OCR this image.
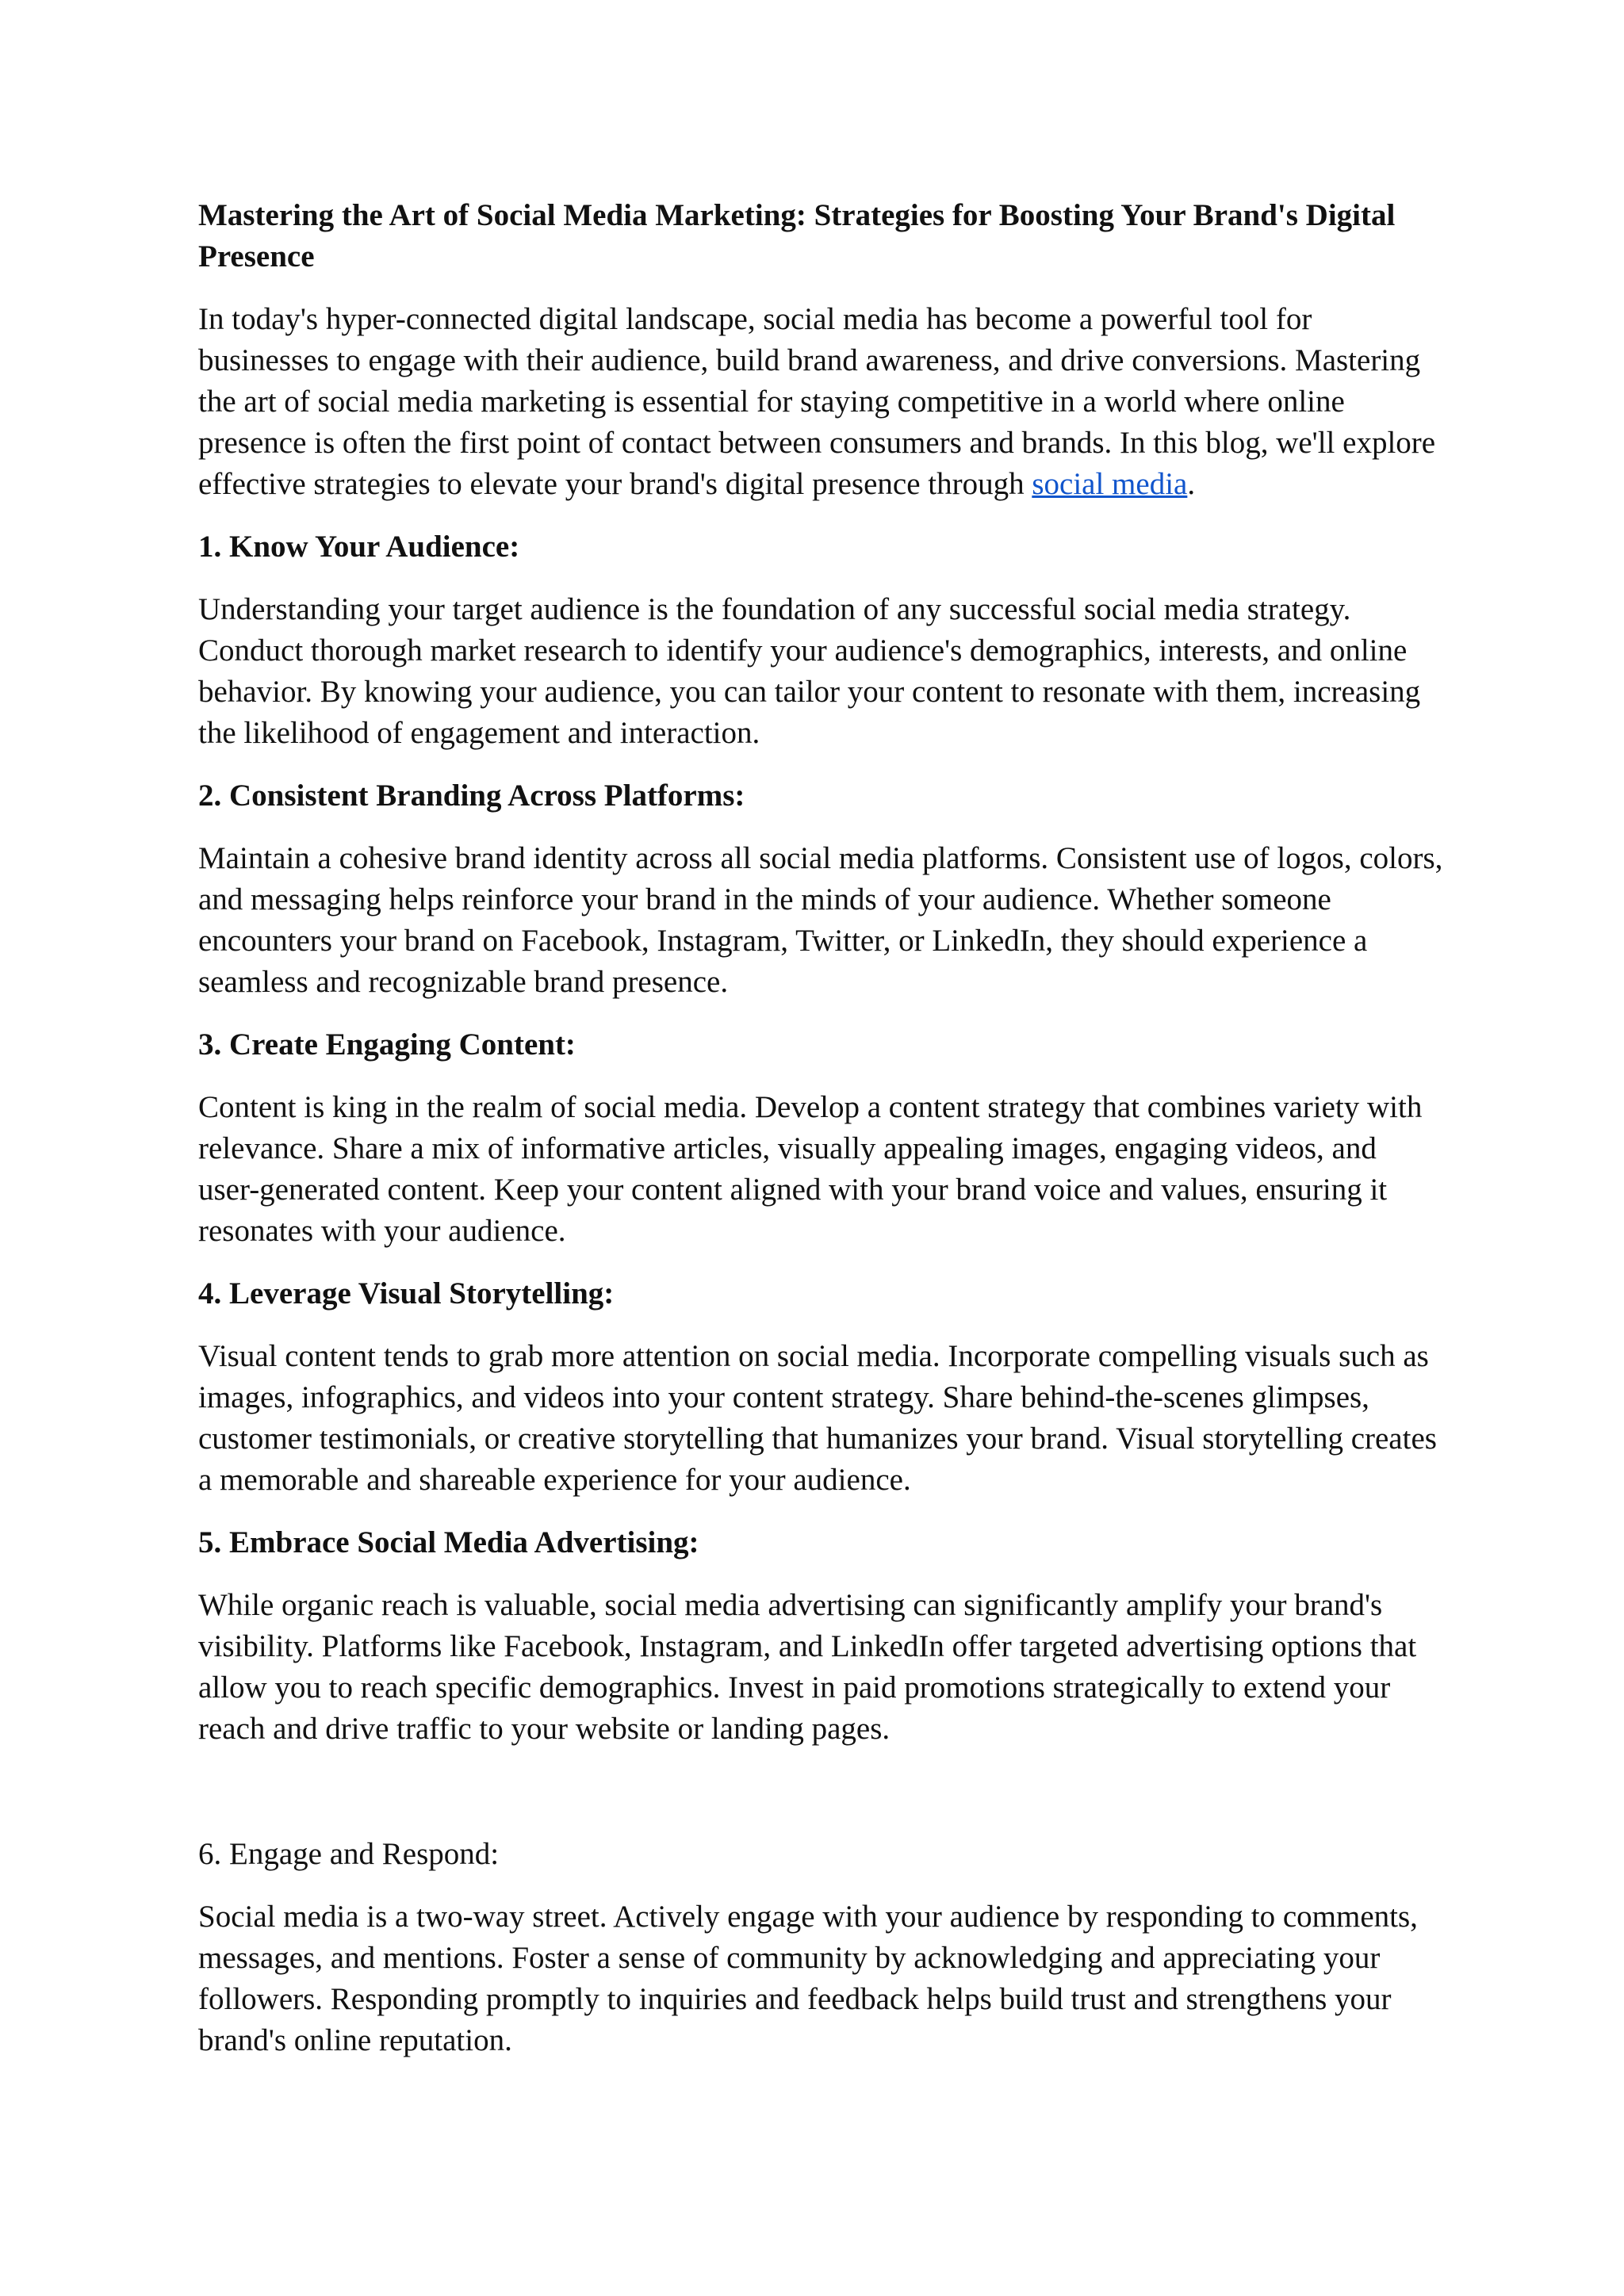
Mastering the Art of Social Media Marketing: Strategies for Boosting Your Brand's Digital Presence

In today's hyper-connected digital landscape, social media has become a powerful tool for businesses to engage with their audience, build brand awareness, and drive conversions. Mastering the art of social media marketing is essential for staying competitive in a world where online presence is often the first point of contact between consumers and brands. In this blog, we'll explore effective strategies to elevate your brand's digital presence through social media.

1. Know Your Audience:

Understanding your target audience is the foundation of any successful social media strategy. Conduct thorough market research to identify your audience's demographics, interests, and online behavior. By knowing your audience, you can tailor your content to resonate with them, increasing the likelihood of engagement and interaction.

2. Consistent Branding Across Platforms:

Maintain a cohesive brand identity across all social media platforms. Consistent use of logos, colors, and messaging helps reinforce your brand in the minds of your audience. Whether someone encounters your brand on Facebook, Instagram, Twitter, or LinkedIn, they should experience a seamless and recognizable brand presence.

3. Create Engaging Content:

Content is king in the realm of social media. Develop a content strategy that combines variety with relevance. Share a mix of informative articles, visually appealing images, engaging videos, and user-generated content. Keep your content aligned with your brand voice and values, ensuring it resonates with your audience.

4. Leverage Visual Storytelling:

Visual content tends to grab more attention on social media. Incorporate compelling visuals such as images, infographics, and videos into your content strategy. Share behind-the-scenes glimpses, customer testimonials, or creative storytelling that humanizes your brand. Visual storytelling creates a memorable and shareable experience for your audience.

5. Embrace Social Media Advertising:

While organic reach is valuable, social media advertising can significantly amplify your brand's visibility. Platforms like Facebook, Instagram, and LinkedIn offer targeted advertising options that allow you to reach specific demographics. Invest in paid promotions strategically to extend your reach and drive traffic to your website or landing pages.

6. Engage and Respond:

Social media is a two-way street. Actively engage with your audience by responding to comments, messages, and mentions. Foster a sense of community by acknowledging and appreciating your followers. Responding promptly to inquiries and feedback helps build trust and strengthens your brand's online reputation.
